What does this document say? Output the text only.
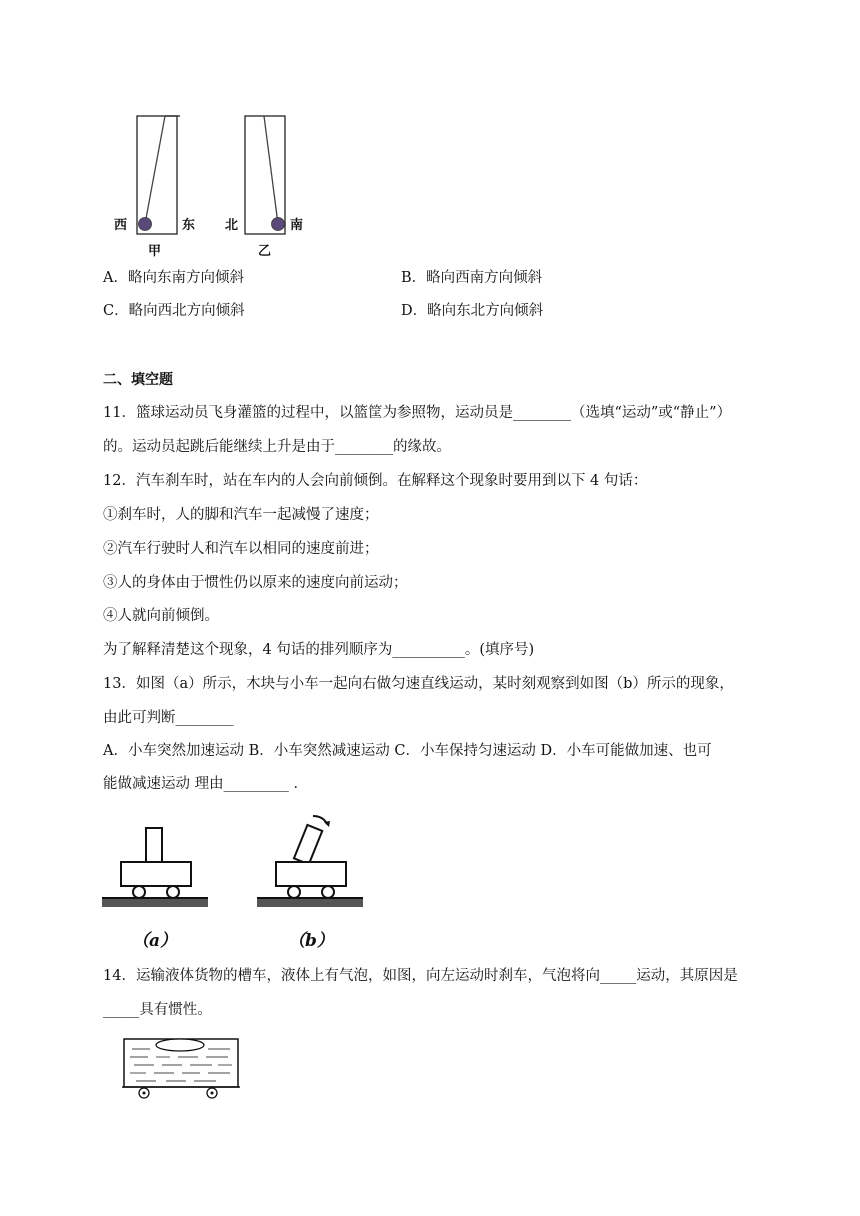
西	东
甲
北	南
乙
A．略向东南方向倾斜	B．略向西南方向倾斜
C．略向西北方向倾斜	D．略向东北方向倾斜
二、填空题
11．篮球运动员飞身灌篮的过程中，以篮筐为参照物，运动员是________（选填“运动”或“静止”）
的。运动员起跳后能继续上升是由于________的缘故。
12．汽车刹车时，站在车内的人会向前倾倒。在解释这个现象时要用到以下 4 句话：
①刹车时，人的脚和汽车一起减慢了速度；
②汽车行驶时人和汽车以相同的速度前进；
③人的身体由于惯性仍以原来的速度向前运动；
④人就向前倾倒。
为了解释清楚这个现象，4 句话的排列顺序为__________。(填序号)
13．如图（a）所示，木块与小车一起向右做匀速直线运动，某时刻观察到如图（b）所示的现象，
由此可判断________
A．小车突然加速运动 B．小车突然减速运动 C．小车保持匀速运动 D．小车可能做加速、也可
能做减速运动 理由_________ ．
（a）	（b）
14．运输液体货物的槽车，液体上有气泡，如图，向左运动时刹车，气泡将向_____运动，其原因是
_____具有惯性。
